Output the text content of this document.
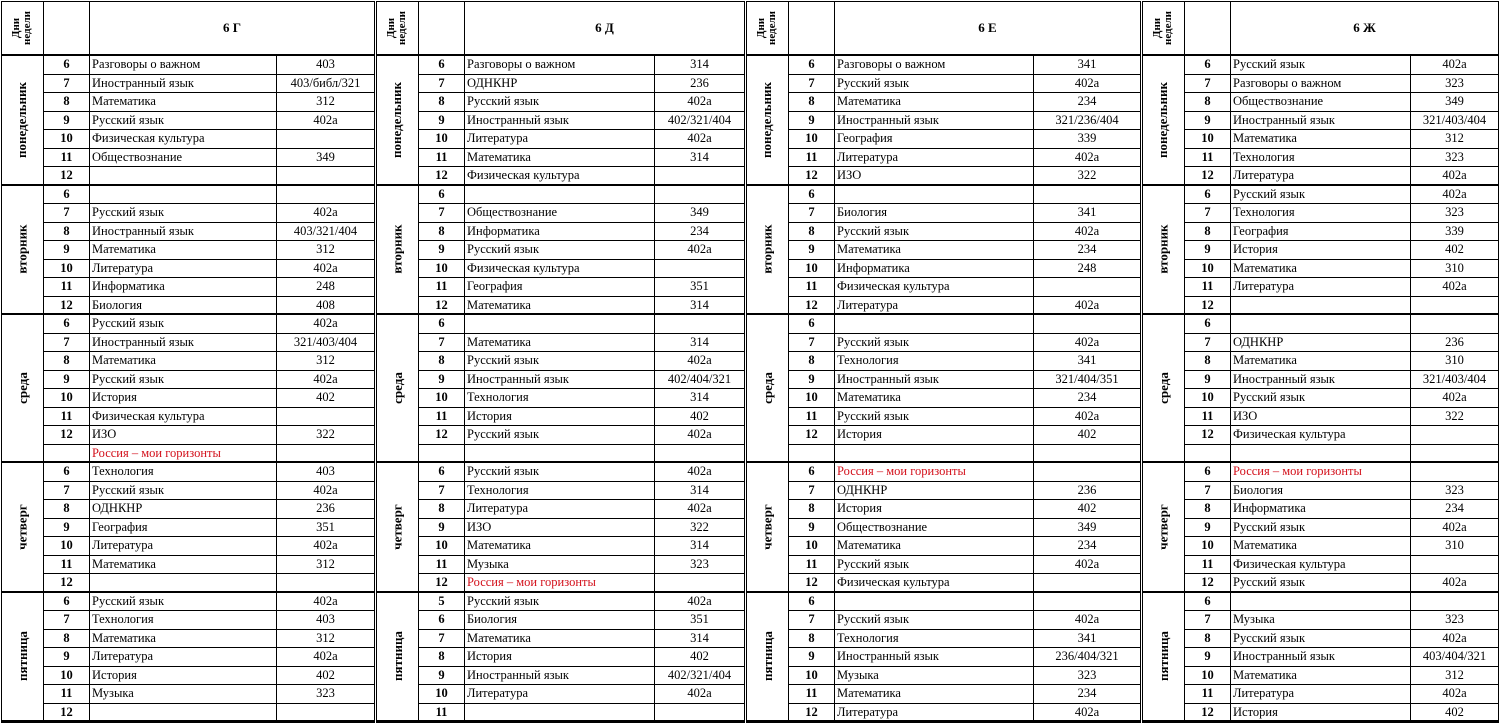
Дни
недели	6 Г
понедельник
6	Разговоры о важном	403
7	Иностранный язык	403/библ/321
8	Математика	312
9	Русский язык	402а
10	Физическая культура
11	Обществознание	349
12
вторник
6
7	Русский язык	402а
8	Иностранный язык	403/321/404
9	Математика	312
10	Литература	402а
11	Информатика	248
12	Биология	408
среда
6	Русский язык	402а
7	Иностранный язык	321/403/404
8	Математика	312
9	Русский язык	402а
10	История	402
11	Физическая культура
12	ИЗО	322
Россия – мои горизонты
четверг
6	Технология	403
7	Русский язык	402а
8	ОДНКНР	236
9	География	351
10	Литература	402а
11	Математика	312
12
пятница
6	Русский язык	402а
7	Технология	403
8	Математика	312
9	Литература	402а
10	История	402
11	Музыка	323
12
Дни
недели	6 Д
понедельник
6	Разговоры о важном	314
7	ОДНКНР	236
8	Русский язык	402а
9	Иностранный язык	402/321/404
10	Литература	402а
11	Математика	314
12	Физическая культура
вторник
6
7	Обществознание	349
8	Информатика	234
9	Русский язык	402а
10	Физическая культура
11	География	351
12	Математика	314
среда
6
7	Математика	314
8	Русский язык	402а
9	Иностранный язык	402/404/321
10	Технология	314
11	История	402
12	Русский язык	402а
четверг
6	Русский язык	402а
7	Технология	314
8	Литература	402а
9	ИЗО	322
10	Математика	314
11	Музыка	323
12	Россия – мои горизонты
пятница
5	Русский язык	402а
6	Биология	351
7	Математика	314
8	История	402
9	Иностранный язык	402/321/404
10	Литература	402а
11
Дни
недели	6 Е
понедельник
6	Разговоры о важном	341
7	Русский язык	402а
8	Математика	234
9	Иностранный язык	321/236/404
10	География	339
11	Литература	402а
12	ИЗО	322
вторник
6
7	Биология	341
8	Русский язык	402а
9	Математика	234
10	Информатика	248
11	Физическая культура
12	Литература	402а
среда
6
7	Русский язык	402а
8	Технология	341
9	Иностранный язык	321/404/351
10	Математика	234
11	Русский язык	402а
12	История	402
четверг
6	Россия – мои горизонты
7	ОДНКНР	236
8	История	402
9	Обществознание	349
10	Математика	234
11	Русский язык	402а
12	Физическая культура
пятница
6
7	Русский язык	402а
8	Технология	341
9	Иностранный язык	236/404/321
10	Музыка	323
11	Математика	234
12	Литература	402а
Дни
недели	6 Ж
понедельник
6	Русский язык	402а
7	Разговоры о важном	323
8	Обществознание	349
9	Иностранный язык	321/403/404
10	Математика	312
11	Технология	323
12	Литература	402а
вторник
6	Русский язык	402а
7	Технология	323
8	География	339
9	История	402
10	Математика	310
11	Литература	402а
12
среда
6
7	ОДНКНР	236
8	Математика	310
9	Иностранный язык	321/403/404
10	Русский язык	402а
11	ИЗО	322
12	Физическая культура
четверг
6	Россия – мои горизонты
7	Биология	323
8	Информатика	234
9	Русский язык	402а
10	Математика	310
11	Физическая культура
12	Русский язык	402а
пятница
6
7	Музыка	323
8	Русский язык	402а
9	Иностранный язык	403/404/321
10	Математика	312
11	Литература	402а
12	История	402
